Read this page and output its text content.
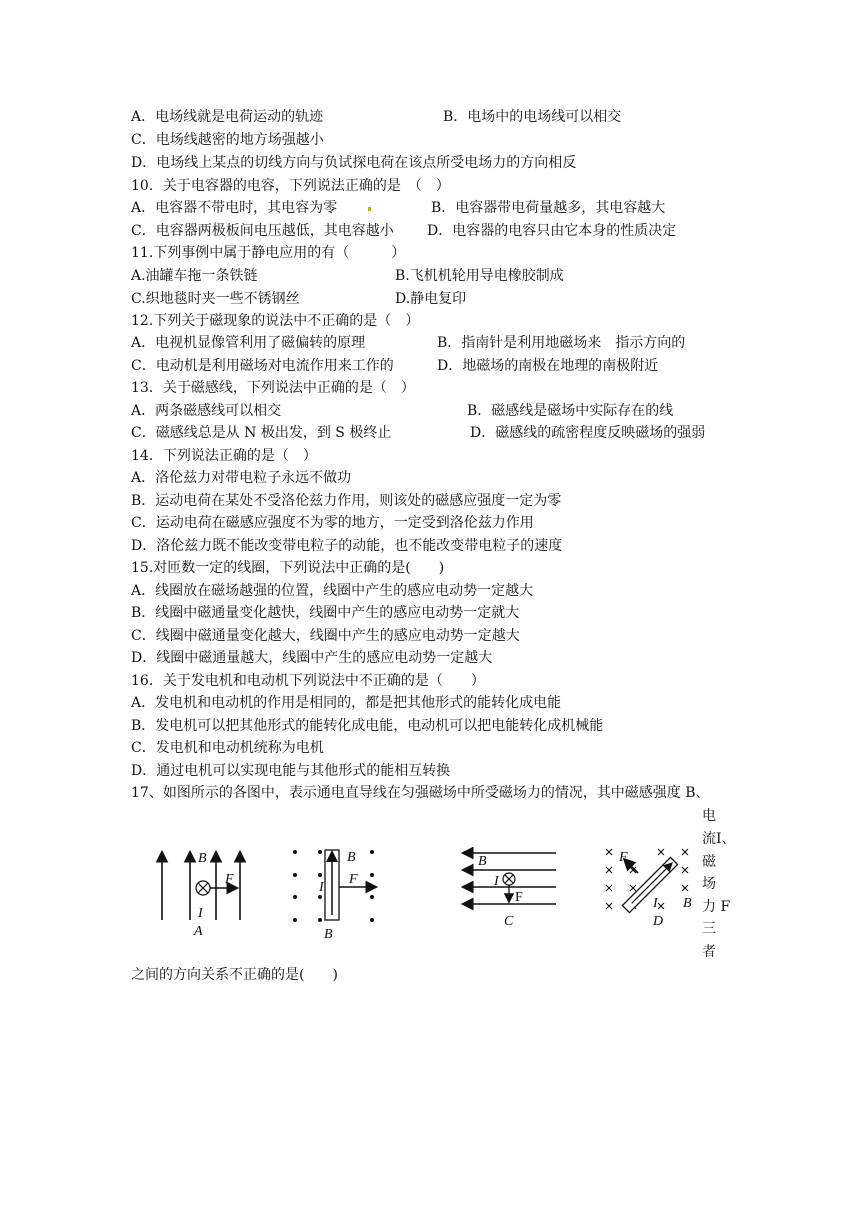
A．电场线就是电荷运动的轨迹	B．电场中的电场线可以相交
C．电场线越密的地方场强越小
D．电场线上某点的切线方向与负试探电荷在该点所受电场力的方向相反
10．关于电容器的电容，下列说法正确的是　（　）
A．电容器不带电时，其电容为零	B．电容器带电荷量越多，其电容越大
C．电容器两极板间电压越低，其电容越小 D．电容器的电容只由它本身的性质决定
11.下列事例中属于静电应用的有（　　　）
A.油罐车拖一条铁链	B.飞机机轮用导电橡胶制成
C.织地毯时夹一些不锈钢丝	D.静电复印
12.下列关于磁现象的说法中不正确的是（　）
A．电视机显像管利用了磁偏转的原理	B．指南针是利用地磁场来　指示方向的
C．电动机是利用磁场对电流作用来工作的	D．地磁场的南极在地理的南极附近
13．关于磁感线，下列说法中正确的是（　）
A．两条磁感线可以相交	B．磁感线是磁场中实际存在的线
C．磁感线总是从 N 极出发，到 S 极终止	D．磁感线的疏密程度反映磁场的强弱
14．下列说法正确的是（　）
A．洛伦兹力对带电粒子永远不做功
B．运动电荷在某处不受洛伦兹力作用，则该处的磁感应强度一定为零
C．运动电荷在磁感应强度不为零的地方，一定受到洛伦兹力作用
D．洛伦兹力既不能改变带电粒子的动能，也不能改变带电粒子的速度
15.对匝数一定的线圈，下列说法中正确的是(　　)
A．线圈放在磁场越强的位置，线圈中产生的感应电动势一定越大
B．线圈中磁通量变化越快，线圈中产生的感应电动势一定就大
C．线圈中磁通量变化越大，线圈中产生的感应电动势一定越大
D．线圈中磁通量越大，线圈中产生的感应电动势一定越大
16．关于发电机和电动机下列说法中不正确的是（　　）
A．发电机和电动机的作用是相同的，都是把其他形式的能转化成电能
B．发电机可以把其他形式的能转化成电能，电动机可以把电能转化成机械能
C．发电机和电动机统称为电机
D．通过电机可以实现电能与其他形式的能相互转换
17、如图所示的各图中，表示通电直导线在匀强磁场中所受磁场力的情况，其中磁感强度 B、
电
流I、
磁
场
力 F
三
者
之间的方向关系不正确的是(　　)
B
F
I
A
B
F
I
B
B
I
F
C
F
B
I
D
